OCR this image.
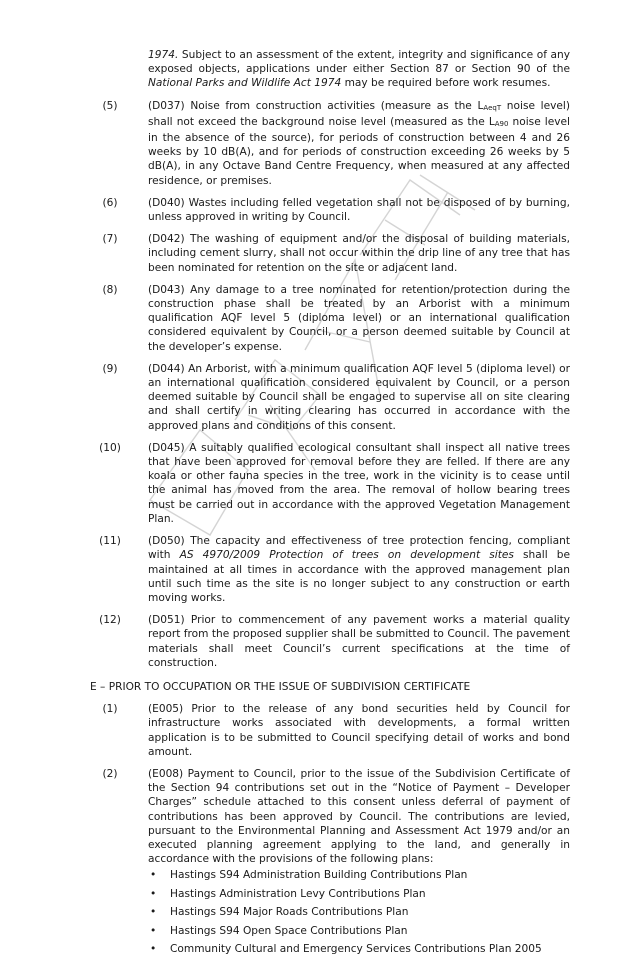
1974. Subject to an assessment of the extent, integrity and significance of any exposed objects, applications under either Section 87 or Section 90 of the National Parks and Wildlife Act 1974 may be required before work resumes.

(5)	(D037) Noise from construction activities (measure as the $L_{AeqT}$ noise level) shall not exceed the background noise level (measured as the $L_{A90}$ noise level in the absence of the source), for periods of construction between 4 and 26 weeks by 10 dB(A), and for periods of construction exceeding 26 weeks by 5 dB(A), in any Octave Band Centre Frequency, when measured at any affected residence, or premises.
(6)	(D040) Wastes including felled vegetation shall not be disposed of by burning, unless approved in writing by Council.
(7)	(D042) The washing of equipment and/or the disposal of building materials, including cement slurry, shall not occur within the drip line of any tree that has been nominated for retention on the site or adjacent land.
(8)	(D043) Any damage to a tree nominated for retention/protection during the construction phase shall be treated by an Arborist with a minimum qualification AQF level 5 (diploma level) or an international qualification considered equivalent by Council, or a person deemed suitable by Council at the developer’s expense.
(9)	(D044) An Arborist, with a minimum qualification AQF level 5 (diploma level) or an international qualification considered equivalent by Council, or a person deemed suitable by Council shall be engaged to supervise all on site clearing and shall certify in writing clearing has occurred in accordance with the approved plans and conditions of this consent.
(10)	(D045) A suitably qualified ecological consultant shall inspect all native trees that have been approved for removal before they are felled. If there are any koala or other fauna species in the tree, work in the vicinity is to cease until the animal has moved from the area. The removal of hollow bearing trees must be carried out in accordance with the approved Vegetation Management Plan.
(11)	(D050) The capacity and effectiveness of tree protection fencing, compliant with AS 4970/2009 Protection of trees on development sites shall be maintained at all times in accordance with the approved management plan until such time as the site is no longer subject to any construction or earth moving works.
(12)	(D051) Prior to commencement of any pavement works a material quality report from the proposed supplier shall be submitted to Council. The pavement materials shall meet Council’s current specifications at the time of construction.
E – PRIOR TO OCCUPATION OR THE ISSUE OF SUBDIVISION CERTIFICATE
(1)	(E005) Prior to the release of any bond securities held by Council for infrastructure works associated with developments, a formal written application is to be submitted to Council specifying detail of works and bond amount.
(2)	(E008) Payment to Council, prior to the issue of the Subdivision Certificate of the Section 94 contributions set out in the “Notice of Payment – Developer Charges” schedule attached to this consent unless deferral of payment of contributions has been approved by Council. The contributions are levied, pursuant to the Environmental Planning and Assessment Act 1979 and/or an executed planning agreement applying to the land, and generally in accordance with the provisions of the following plans:
• Hastings S94 Administration Building Contributions Plan
• Hastings Administration Levy Contributions Plan
• Hastings S94 Major Roads Contributions Plan
• Hastings S94 Open Space Contributions Plan
• Community Cultural and Emergency Services Contributions Plan 2005
